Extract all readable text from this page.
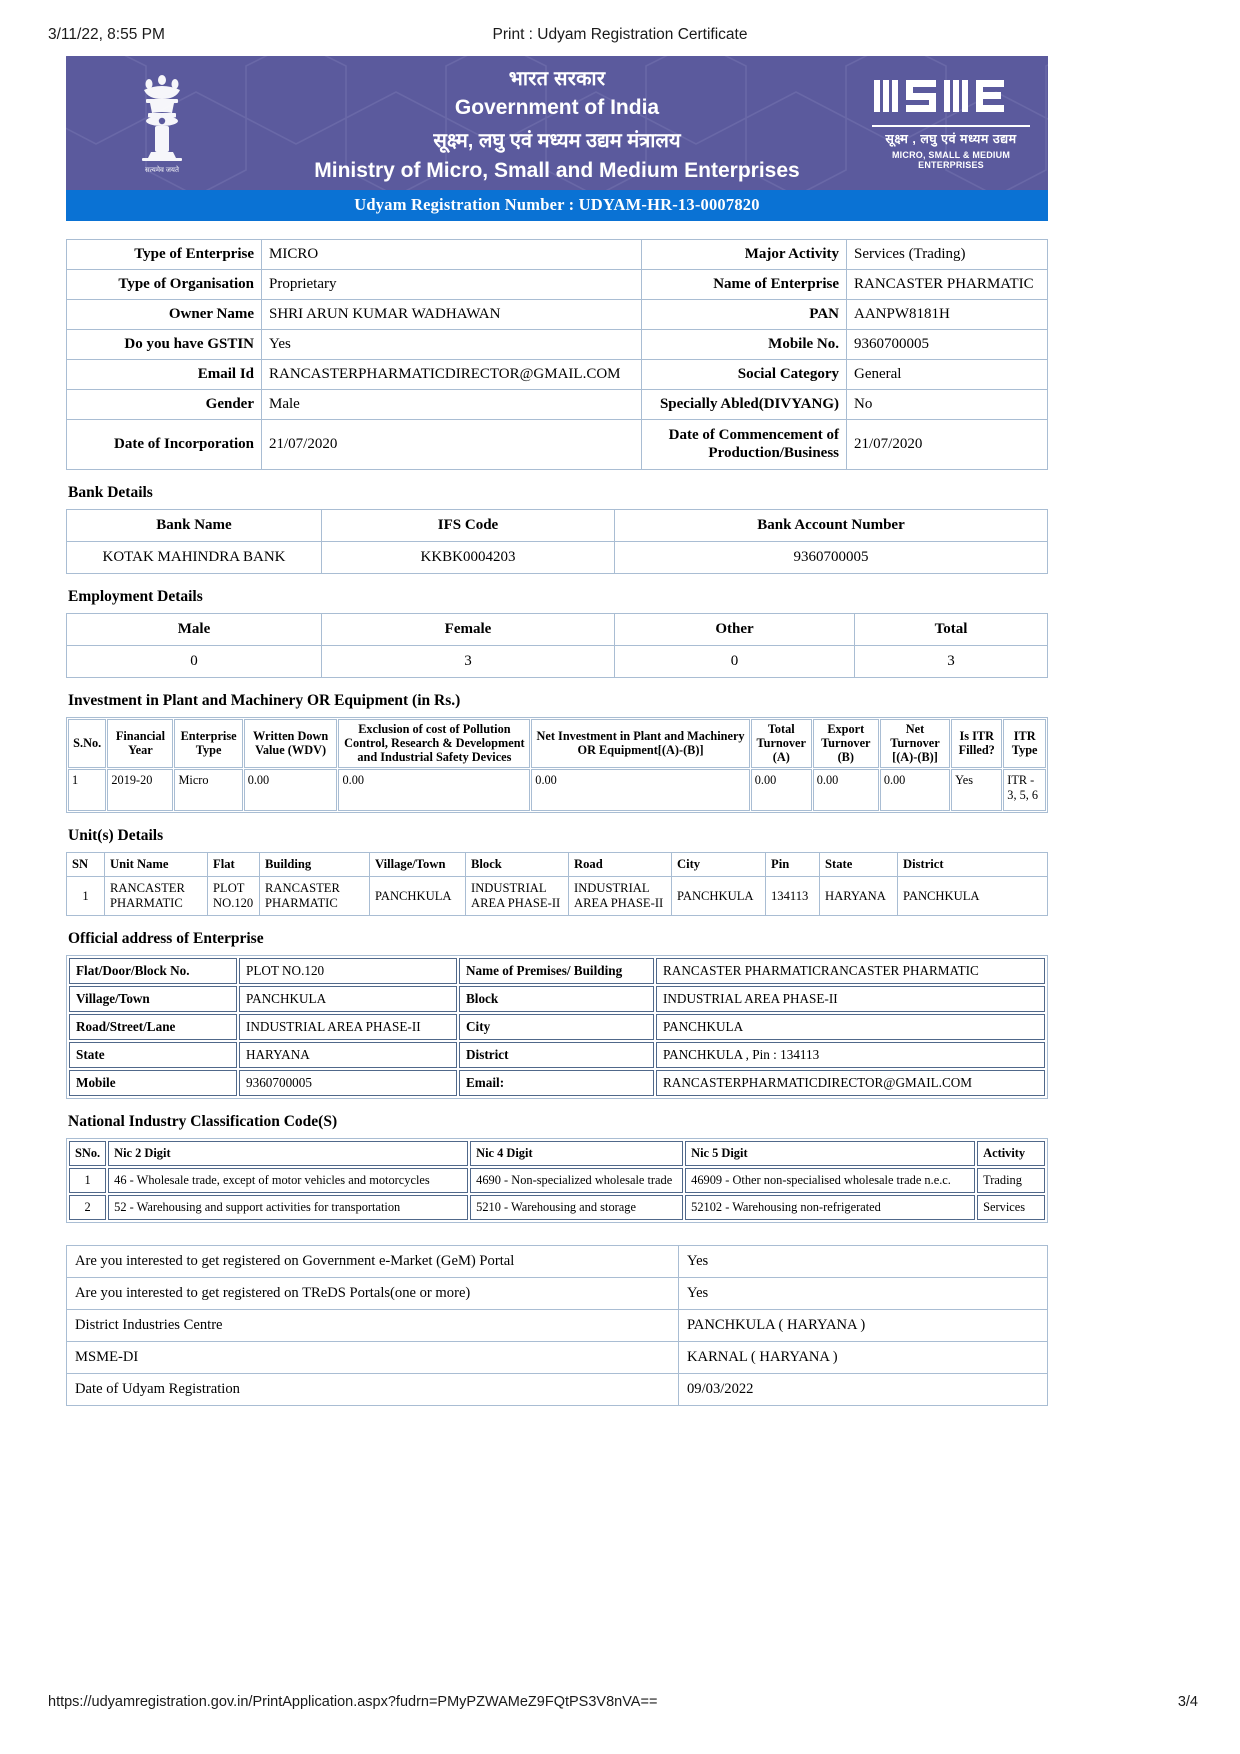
3/11/22, 8:55 PM	Print : Udyam Registration Certificate
सत्यमेव जयते
भारत सरकार
Government of India
सूक्ष्म, लघु एवं मध्यम उद्यम मंत्रालय
Ministry of Micro, Small and Medium Enterprises
सूक्ष्म , लघु एवं मध्यम उद्यम
MICRO, SMALL & MEDIUM ENTERPRISES
Udyam Registration Number : UDYAM-HR-13-0007820
Type of Enterprise	MICRO	Major Activity	Services (Trading)
Type of Organisation	Proprietary	Name of Enterprise	RANCASTER PHARMATIC
Owner Name	SHRI ARUN KUMAR WADHAWAN	PAN	AANPW8181H
Do you have GSTIN	Yes	Mobile No.	9360700005
Email Id	RANCASTERPHARMATICDIRECTOR@GMAIL.COM	Social Category	General
Gender	Male	Specially Abled(DIVYANG)	No
Date of Incorporation	21/07/2020	Date of Commencement of Production/Business	21/07/2020
Bank Details
Bank Name	IFS Code	Bank Account Number
KOTAK MAHINDRA BANK	KKBK0004203	9360700005
Employment Details
Male	Female	Other	Total
0	3	0	3
Investment in Plant and Machinery OR Equipment (in Rs.)
S.No.	Financial Year	Enterprise Type	Written Down Value (WDV)	Exclusion of cost of Pollution Control, Research & Development and Industrial Safety Devices	Net Investment in Plant and Machinery OR Equipment[(A)-(B)]	Total Turnover (A)	Export Turnover (B)	Net Turnover [(A)-(B)]	Is ITR Filled?	ITR Type
1	2019-20	Micro	0.00	0.00	0.00	0.00	0.00	0.00	Yes	ITR - 3, 5, 6
Unit(s) Details
SN	Unit Name	Flat	Building	Village/Town	Block	Road	City	Pin	State	District
1	RANCASTER PHARMATIC	PLOT NO.120	RANCASTER PHARMATIC	PANCHKULA	INDUSTRIAL AREA PHASE-II	INDUSTRIAL AREA PHASE-II	PANCHKULA	134113	HARYANA	PANCHKULA
Official address of Enterprise
Flat/Door/Block No.	PLOT NO.120	Name of Premises/ Building	RANCASTER PHARMATICRANCASTER PHARMATIC
Village/Town	PANCHKULA	Block	INDUSTRIAL AREA PHASE-II
Road/Street/Lane	INDUSTRIAL AREA PHASE-II	City	PANCHKULA
State	HARYANA	District	PANCHKULA , Pin : 134113
Mobile	9360700005	Email:	RANCASTERPHARMATICDIRECTOR@GMAIL.COM
National Industry Classification Code(S)
SNo.	Nic 2 Digit	Nic 4 Digit	Nic 5 Digit	Activity
1	46 - Wholesale trade, except of motor vehicles and motorcycles	4690 - Non-specialized wholesale trade	46909 - Other non-specialised wholesale trade n.e.c.	Trading
2	52 - Warehousing and support activities for transportation	5210 - Warehousing and storage	52102 - Warehousing non-refrigerated	Services
Are you interested to get registered on Government e-Market (GeM) Portal	Yes
Are you interested to get registered on TReDS Portals(one or more)	Yes
District Industries Centre	PANCHKULA ( HARYANA )
MSME-DI	KARNAL ( HARYANA )
Date of Udyam Registration	09/03/2022
https://udyamregistration.gov.in/PrintApplication.aspx?fudrn=PMyPZWAMeZ9FQtPS3V8nVA==	3/4
